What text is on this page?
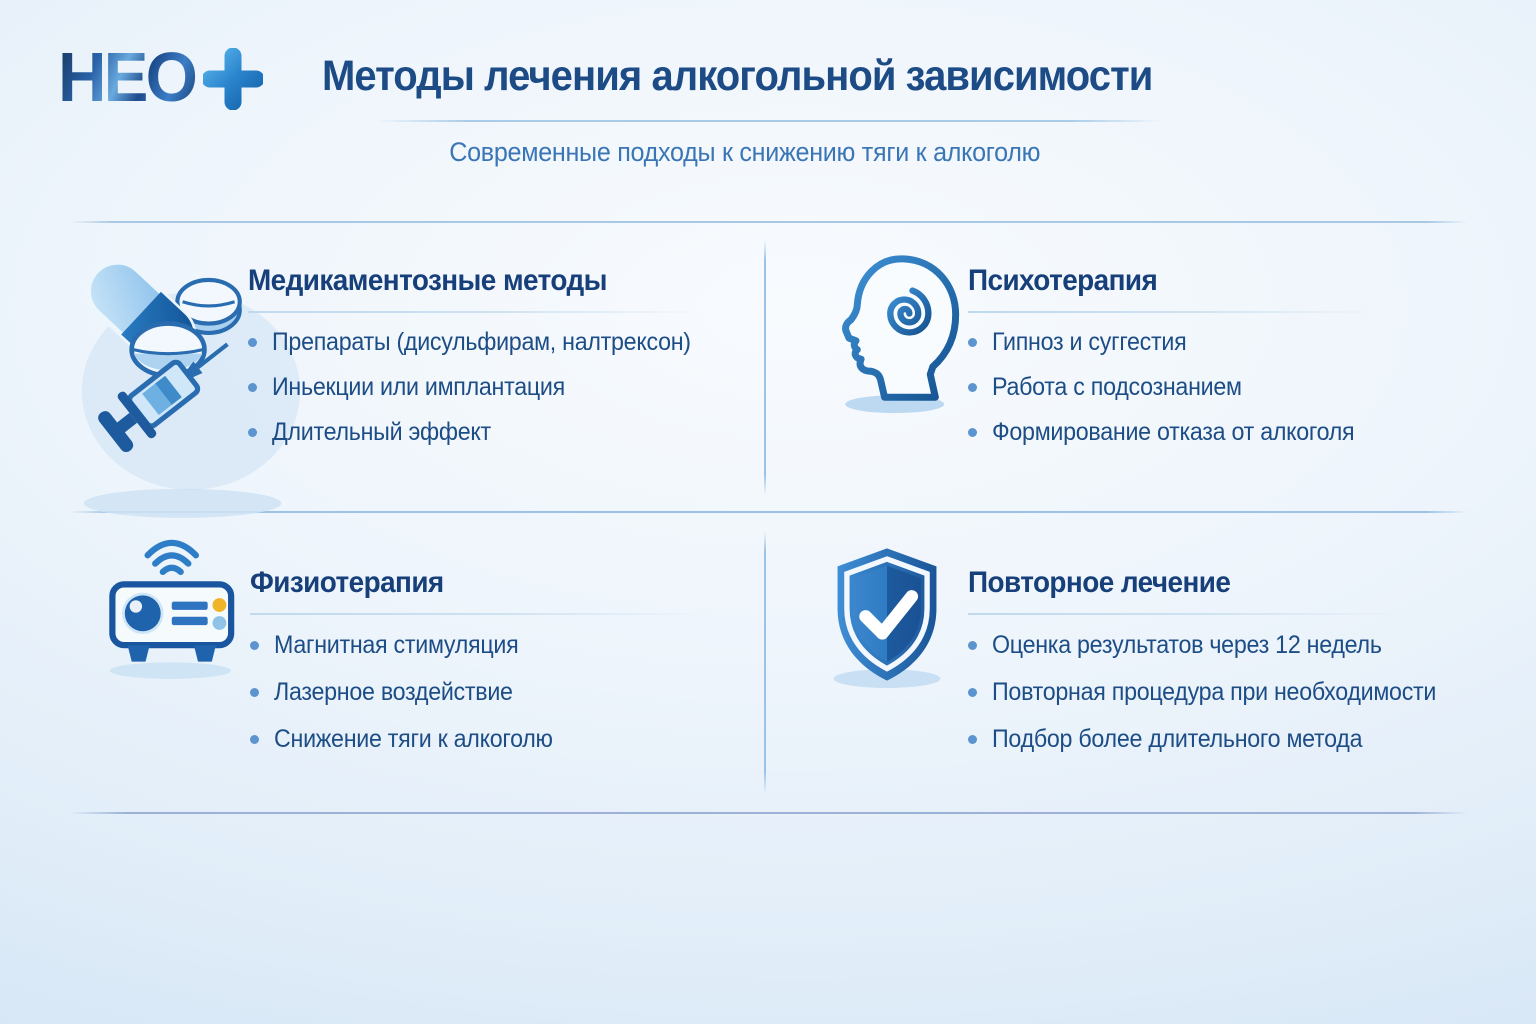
НЕО	Методы лечения алкогольной зависимости
Современные подходы к снижению тяги к алкоголю
Медикаментозные методы
Препараты (дисульфирам, налтрексон)
Иньекции или имплантация
Длительный эффект
Психотерапия
Гипноз и суггестия
Работа с подсознанием
Формирование отказа от алкоголя
Физиотерапия
Магнитная стимуляция
Лазерное воздействие
Снижение тяги к алкоголю
Повторное лечение
Оценка результатов через 12 недель
Повторная процедура при необходимости
Подбор более длительного метода
